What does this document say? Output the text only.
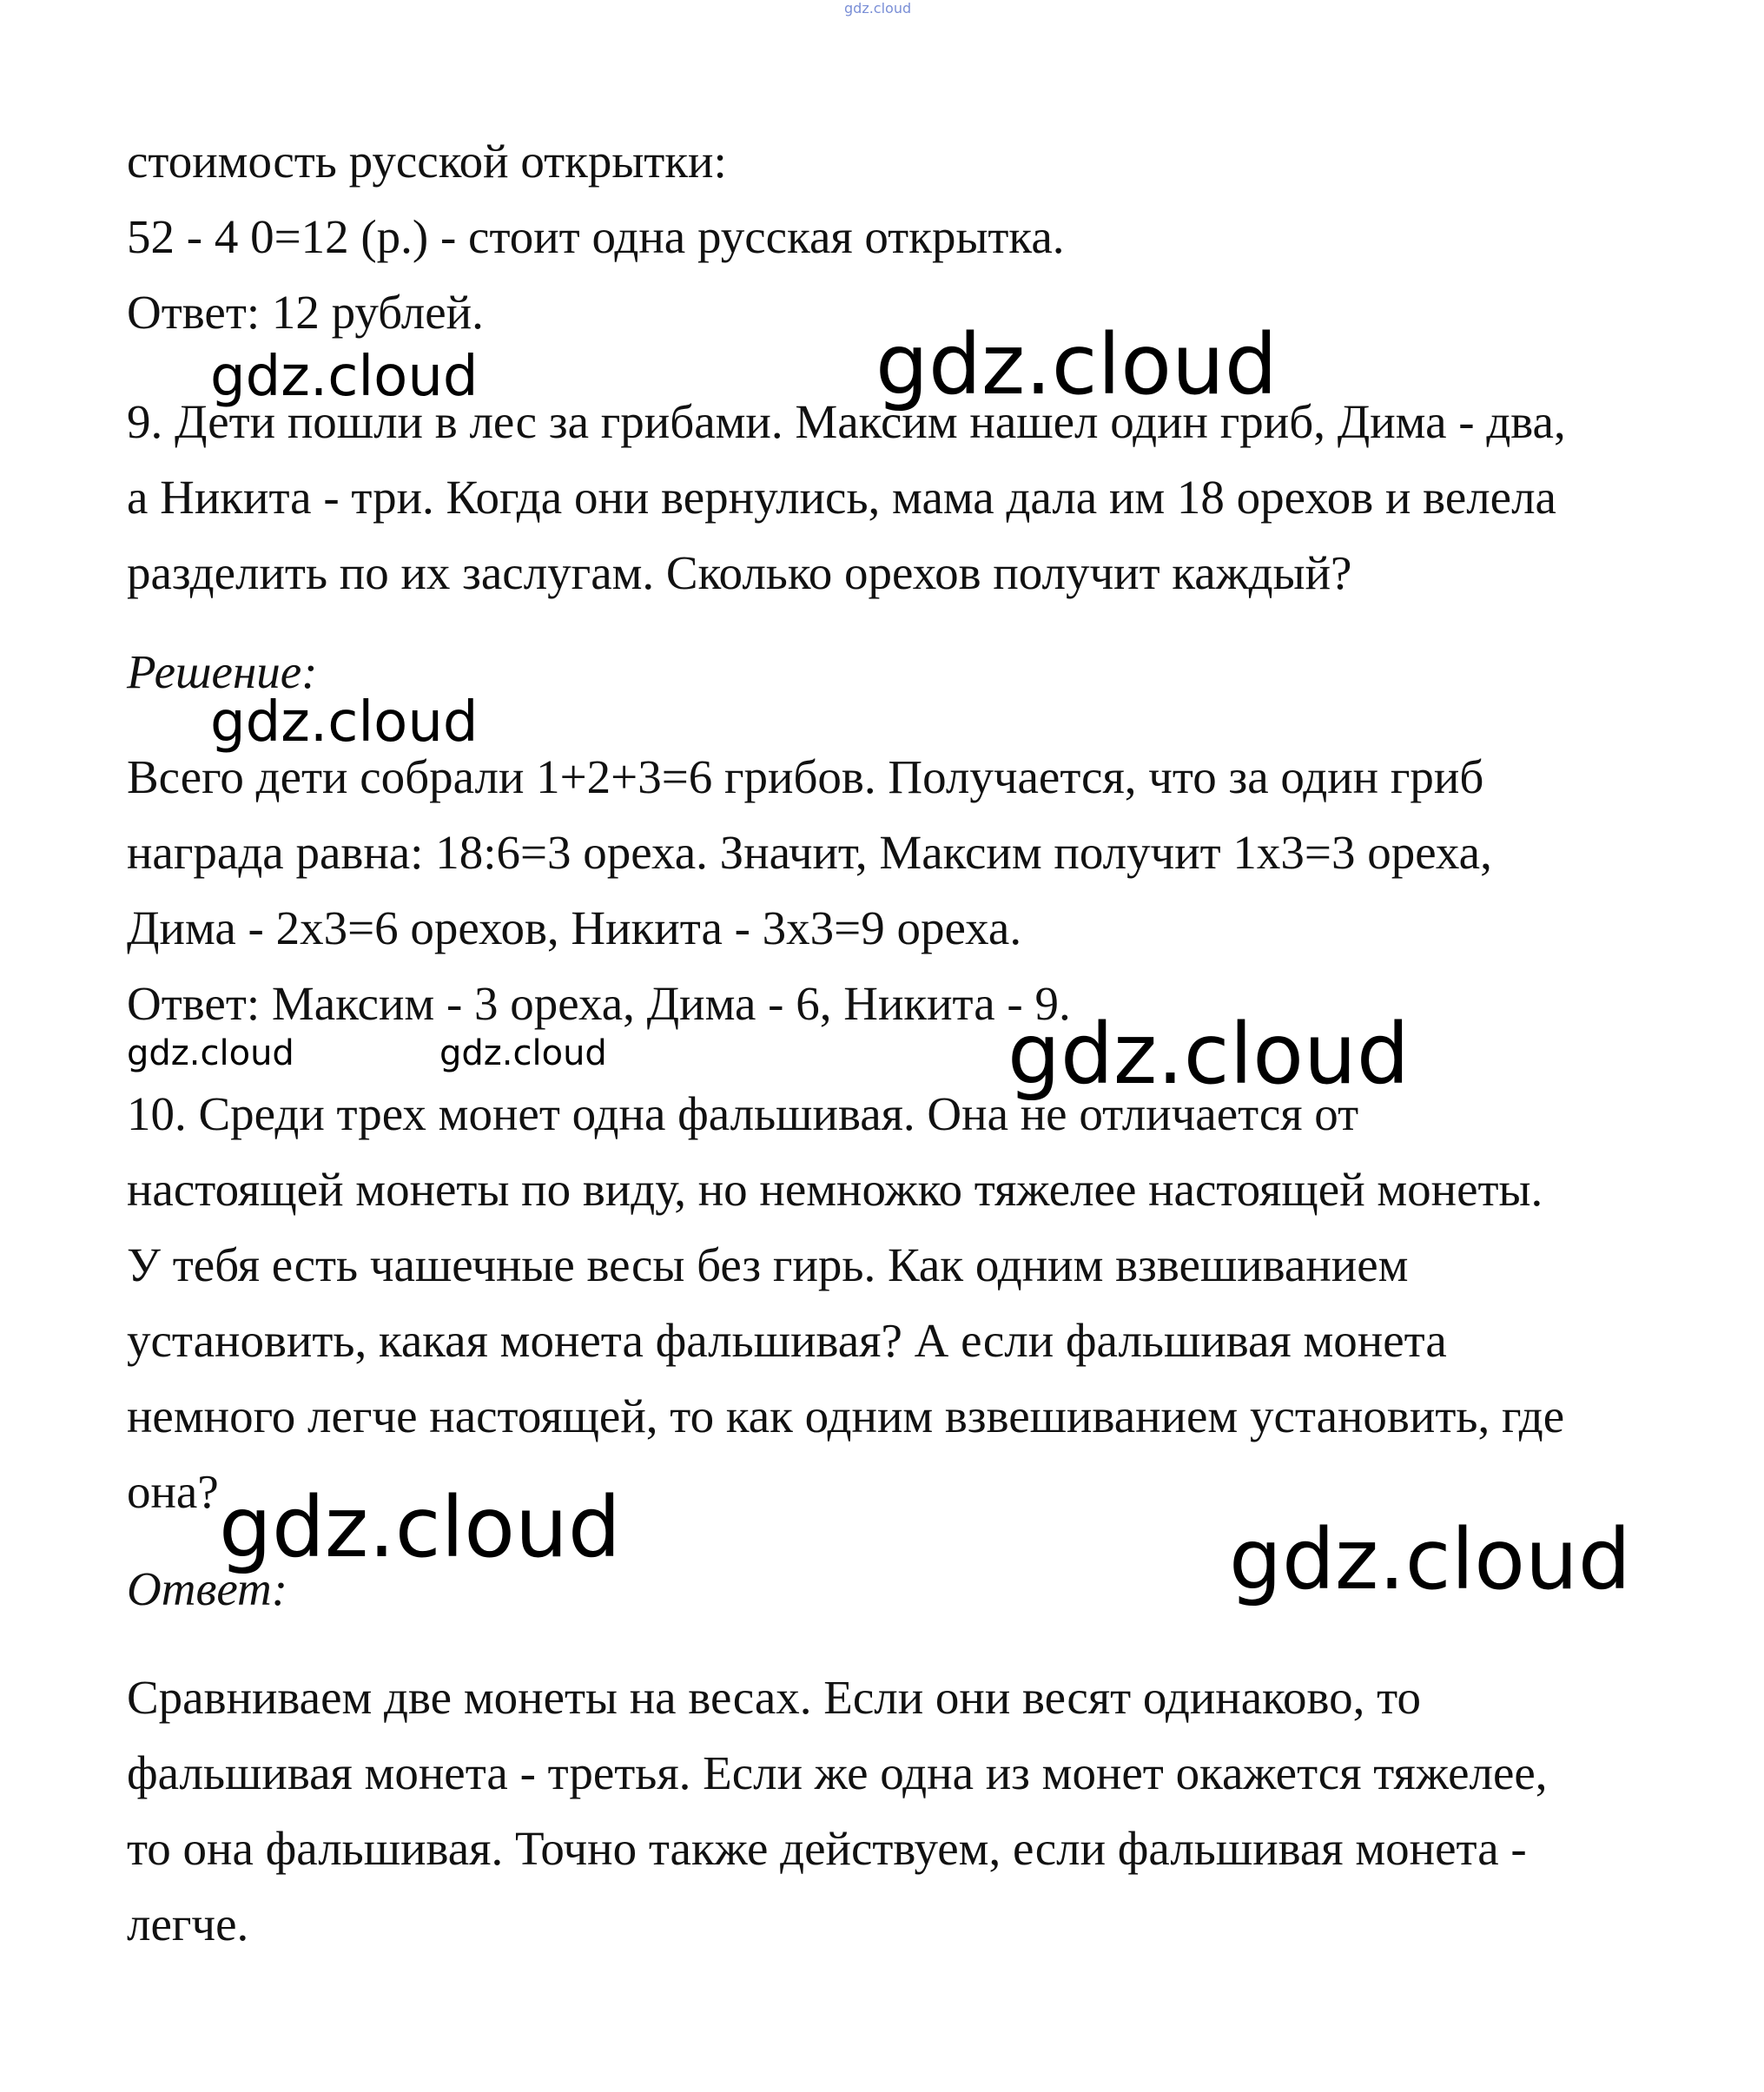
gdz.cloud
стоимость русской открытки:
52 - 4 0=12 (р.) - стоит одна русская открытка.
Ответ: 12 рублей.
9. Дети пошли в лес за грибами. Максим нашел один гриб, Дима - два,
а Никита - три. Когда они вернулись, мама дала им 18 орехов и велела
разделить по их заслугам. Сколько орехов получит каждый?
Решение:
Всего дети собрали 1+2+3=6 грибов. Получается, что за один гриб
награда равна: 18:6=3 ореха. Значит, Максим получит 1x3=3 ореха,
Дима - 2x3=6 орехов, Никита - 3x3=9 ореха.
Ответ: Максим - 3 ореха, Дима - 6, Никита - 9.
10. Среди трех монет одна фальшивая. Она не отличается от
настоящей монеты по виду, но немножко тяжелее настоящей монеты.
У тебя есть чашечные весы без гирь. Как одним взвешиванием
установить, какая монета фальшивая? А если фальшивая монета
немного легче настоящей, то как одним взвешиванием установить, где
она?
Ответ:
Сравниваем две монеты на весах. Если они весят одинаково, то
фальшивая монета - третья. Если же одна из монет окажется тяжелее,
то она фальшивая. Точно также действуем, если фальшивая монета -
легче.
gdz.cloud	gdz.cloud
gdz.cloud
gdz.cloud	gdz.cloud	gdz.cloud
gdz.cloud	gdz.cloud
